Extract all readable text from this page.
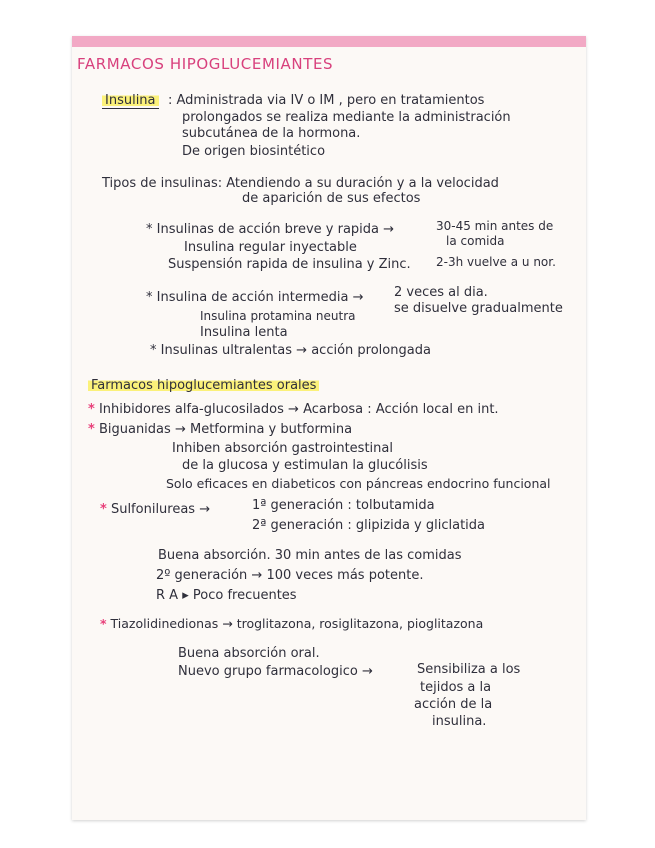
FARMACOS HIPOGLUCEMIANTES
Insulina : Administrada via IV o IM , pero en tratamientos
prolongados se realiza mediante la administración
subcutánea de la hormona.
De origen biosintético
Tipos de insulinas: Atendiendo a su duración y a la velocidad
de aparición de sus efectos
* Insulinas de acción breve y rapida →	30-45 min antes de
la comida
Insulina regular inyectable
Suspensión rapida de insulina y Zinc. 2-3h vuelve a u nor.
* Insulina de acción intermedia → 2 veces al dia.
Insulina protamina neutra	se disuelve gradualmente
Insulina lenta
* Insulinas ultralentas → acción prolongada
Farmacos hipoglucemiantes orales
* Inhibidores alfa-glucosilados → Acarbosa : Acción local en int.
* Biguanidas → Metformina y butformina
Inhiben absorción gastrointestinal
de la glucosa y estimulan la glucólisis
Solo eficaces en diabeticos con páncreas endocrino funcional
* Sulfonilureas →	1ª generación : tolbutamida
2ª generación : glipizida y gliclatida
Buena absorción. 30 min antes de las comidas
2º generación → 100 veces más potente.
R A ▸ Poco frecuentes
* Tiazolidinedionas → troglitazona, rosiglitazona, pioglitazona
Buena absorción oral.
Nuevo grupo farmacologico →	Sensibiliza a los
tejidos a la
acción de la
insulina.
